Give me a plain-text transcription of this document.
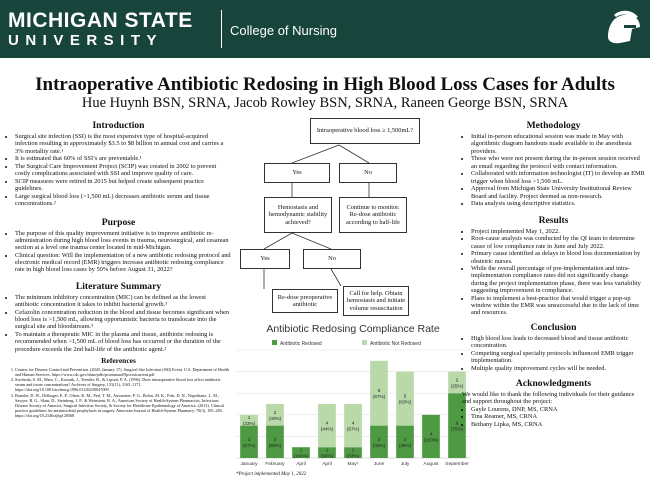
MICHIGAN STATE
UNIVERSITY
College of Nursing
Intraoperative Antibiotic Redosing in High Blood Loss Cases for Adults
Hue Huynh BSN, SRNA, Jacob Rowley BSN, SRNA, Raneen George BSN, SRNA
Introduction
• Surgical site infection (SSI) is the most expensive type of hospital-acquired infection resulting in approximately $3.5 to $8 billion in annual cost and carries a 3% mortality rate.¹
• It is estimated that 60% of SSI’s are preventable.¹
• The Surgical Care Improvement Project (SCIP) was created in 2002 to prevent costly complications associated with SSI and improve quality of care.
• SCIP measures were retired in 2015 but helped create subsequent practice guidelines.
• Large surgical blood loss (>1,500 mL) decreases antibiotic serum and tissue concentrations.²
Purpose
• The purpose of this quality improvement initiative is to improve antibiotic re-administration during high blood loss events in trauma, neurosurgical, and cesarean section at a level one trauma center located in mid-Michigan.
• Clinical question: Will the implementation of a new antibiotic redosing protocol and electronic medical record (EMR) triggers increase antibiotic redosing compliance rate in high blood loss cases by 50% before August 31, 2022?
Literature Summary
• The minimum inhibitory concentration (MIC) can be defined as the lowest antibiotic concentration it takes to inhibit bacterial growth.³
• Cefazolin concentration reduction in the blood and tissue becomes significant when blood loss is >1,500 mL, allowing opportunistic bacteria to translocate into the surgical site and bloodstream.³
• To maintain a therapeutic MIC in the plasma and tissue, antibiotic redosing is recommended when >1,500 mL of blood loss has occurred or the duration of the procedure exceeds the 2nd half-life of the antibiotic agent.²
References
1. Centers for Disease Control and Prevention. (2020, January 17). Surgical Site Infection (SSI) Event. U.S. Department of Health and Human Services. https://www.cdc.gov/nhsn/pdfs/pscmanual/9pscssicurrent.pdf
2. Swoboda, S. M., Merz, C., Kostuik, J., Trentler, B., & Lipsett, P. A. (1996). Does intraoperative blood loss affect antibiotic serum and tissue concentrations? Archives of Surgery, 131(11), 1165–1171. https://doi.org/10.1001/archsurg.1996.01430230047009
3. Bratzler, D. W., Dellinger, E. P., Olsen, K. M., Perl, T. M., Auwaerter, P. G., Bolon, M. K., Fish, D. N., Napolitano, L. M., Sawyer, R. G., Slain, D., Steinberg, J. P., & Weinstein, R. A.; American Society of Health-System Pharmacists, Infectious Disease Society of America, Surgical Infection Society, & Society for Healthcare Epidemiology of America. (2013). Clinical practice guidelines for antimicrobial prophylaxis in surgery. American Journal of Health-System Pharmacy, 70(3), 195–283. https://doi.org/10.2146/ajhp120568
Intraoperative blood loss ≥ 1,500mL?
Yes	No
Hemostasis and hemodynamic stability achieved?
Continue to monitor. Re-dose antibiotic according to half-life
Yes	No
Re-dose preoperative antibiotic
Call for help. Obtain hemostasis and initiate volume resuscitation
Antibiotic Redosing Compliance Rate
Antibiotic Redosed	Antibiotic Not Redosed
3
(67%)
1
(33%)
3
(60%)
2
(40%)
1
(100%)
1
(56%)
4
(44%)
1
(33%)
4
(67%)
3
(33%)
6
(67%)
3
(38%)
5
(63%)
4
(100%)
6
(75%)
2
(25%)
January February April	April	May*	June	July	August September
*Project implemented May 1, 2022
Methodology
• Initial in-person educational session was made in May with algorithmic diagram handouts made available to the anesthesia providers.
• Those who were not present during the in-person session received an email regarding the protocol with contact information.
• Collaborated with information technologist (IT) to develop an EMR trigger when blood loss >1,500 mL.
• Approval from Michigan State University Institutional Review Board and facility. Project deemed as non-research.
• Data analysis using descriptive statistics.
Results
• Project implemented May 1, 2022.
• Root-cause analysis was conducted by the QI team to determine cause of low compliance rate in June and July 2022.
• Primary cause identified as delays in blood loss documentation by obstetric nurses.
• While the overall percentage of pre-implementation and intra-implementation compliance rates did not significantly change during the project implementation phase, there was less variability suggesting improvement in compliance.
• Plans to implement a best-practice that would trigger a pop-up window within the EMR was unsuccessful due to the lack of time and resources.
Conclusion
• High blood loss leads to decreased blood and tissue antibiotic concentration.
• Competing surgical specialty protocols influenced EMR trigger implementation.
• Multiple quality improvement cycles will be needed.
Acknowledgments
We would like to thank the following individuals for their guidance and support throughout the project:
• Gayle Lourens, DNP, MS, CRNA
• Tina Reamer, MS, CRNA
• Bethany Lipka, MS, CRNA
